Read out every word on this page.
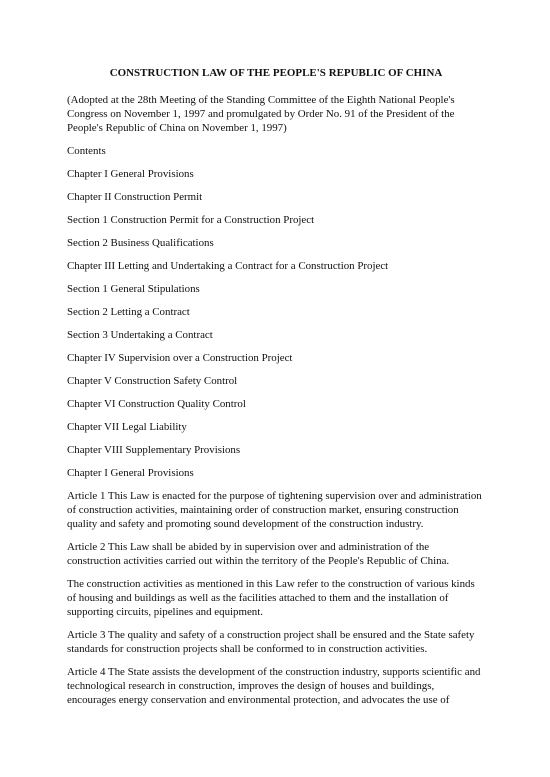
CONSTRUCTION LAW OF THE PEOPLE'S REPUBLIC OF CHINA

(Adopted at the 28th Meeting of the Standing Committee of the Eighth National People's Congress on November 1, 1997 and promulgated by Order No. 91 of the President of the People's Republic of China on November 1, 1997)

Contents

Chapter I General Provisions

Chapter II Construction Permit

Section 1 Construction Permit for a Construction Project

Section 2 Business Qualifications

Chapter III Letting and Undertaking a Contract for a Construction Project

Section 1 General Stipulations

Section 2 Letting a Contract

Section 3 Undertaking a Contract

Chapter IV Supervision over a Construction Project

Chapter V Construction Safety Control

Chapter VI Construction Quality Control

Chapter VII Legal Liability

Chapter VIII Supplementary Provisions

Chapter I General Provisions

Article 1 This Law is enacted for the purpose of tightening supervision over and administration of construction activities, maintaining order of construction market, ensuring construction quality and safety and promoting sound development of the construction industry.

Article 2 This Law shall be abided by in supervision over and administration of the construction activities carried out within the territory of the People's Republic of China.

The construction activities as mentioned in this Law refer to the construction of various kinds of housing and buildings as well as the facilities attached to them and the installation of supporting circuits, pipelines and equipment.

Article 3 The quality and safety of a construction project shall be ensured and the State safety standards for construction projects shall be conformed to in construction activities.

Article 4 The State assists the development of the construction industry, supports scientific and technological research in construction, improves the design of houses and buildings, encourages energy conservation and environmental protection, and advocates the use of
